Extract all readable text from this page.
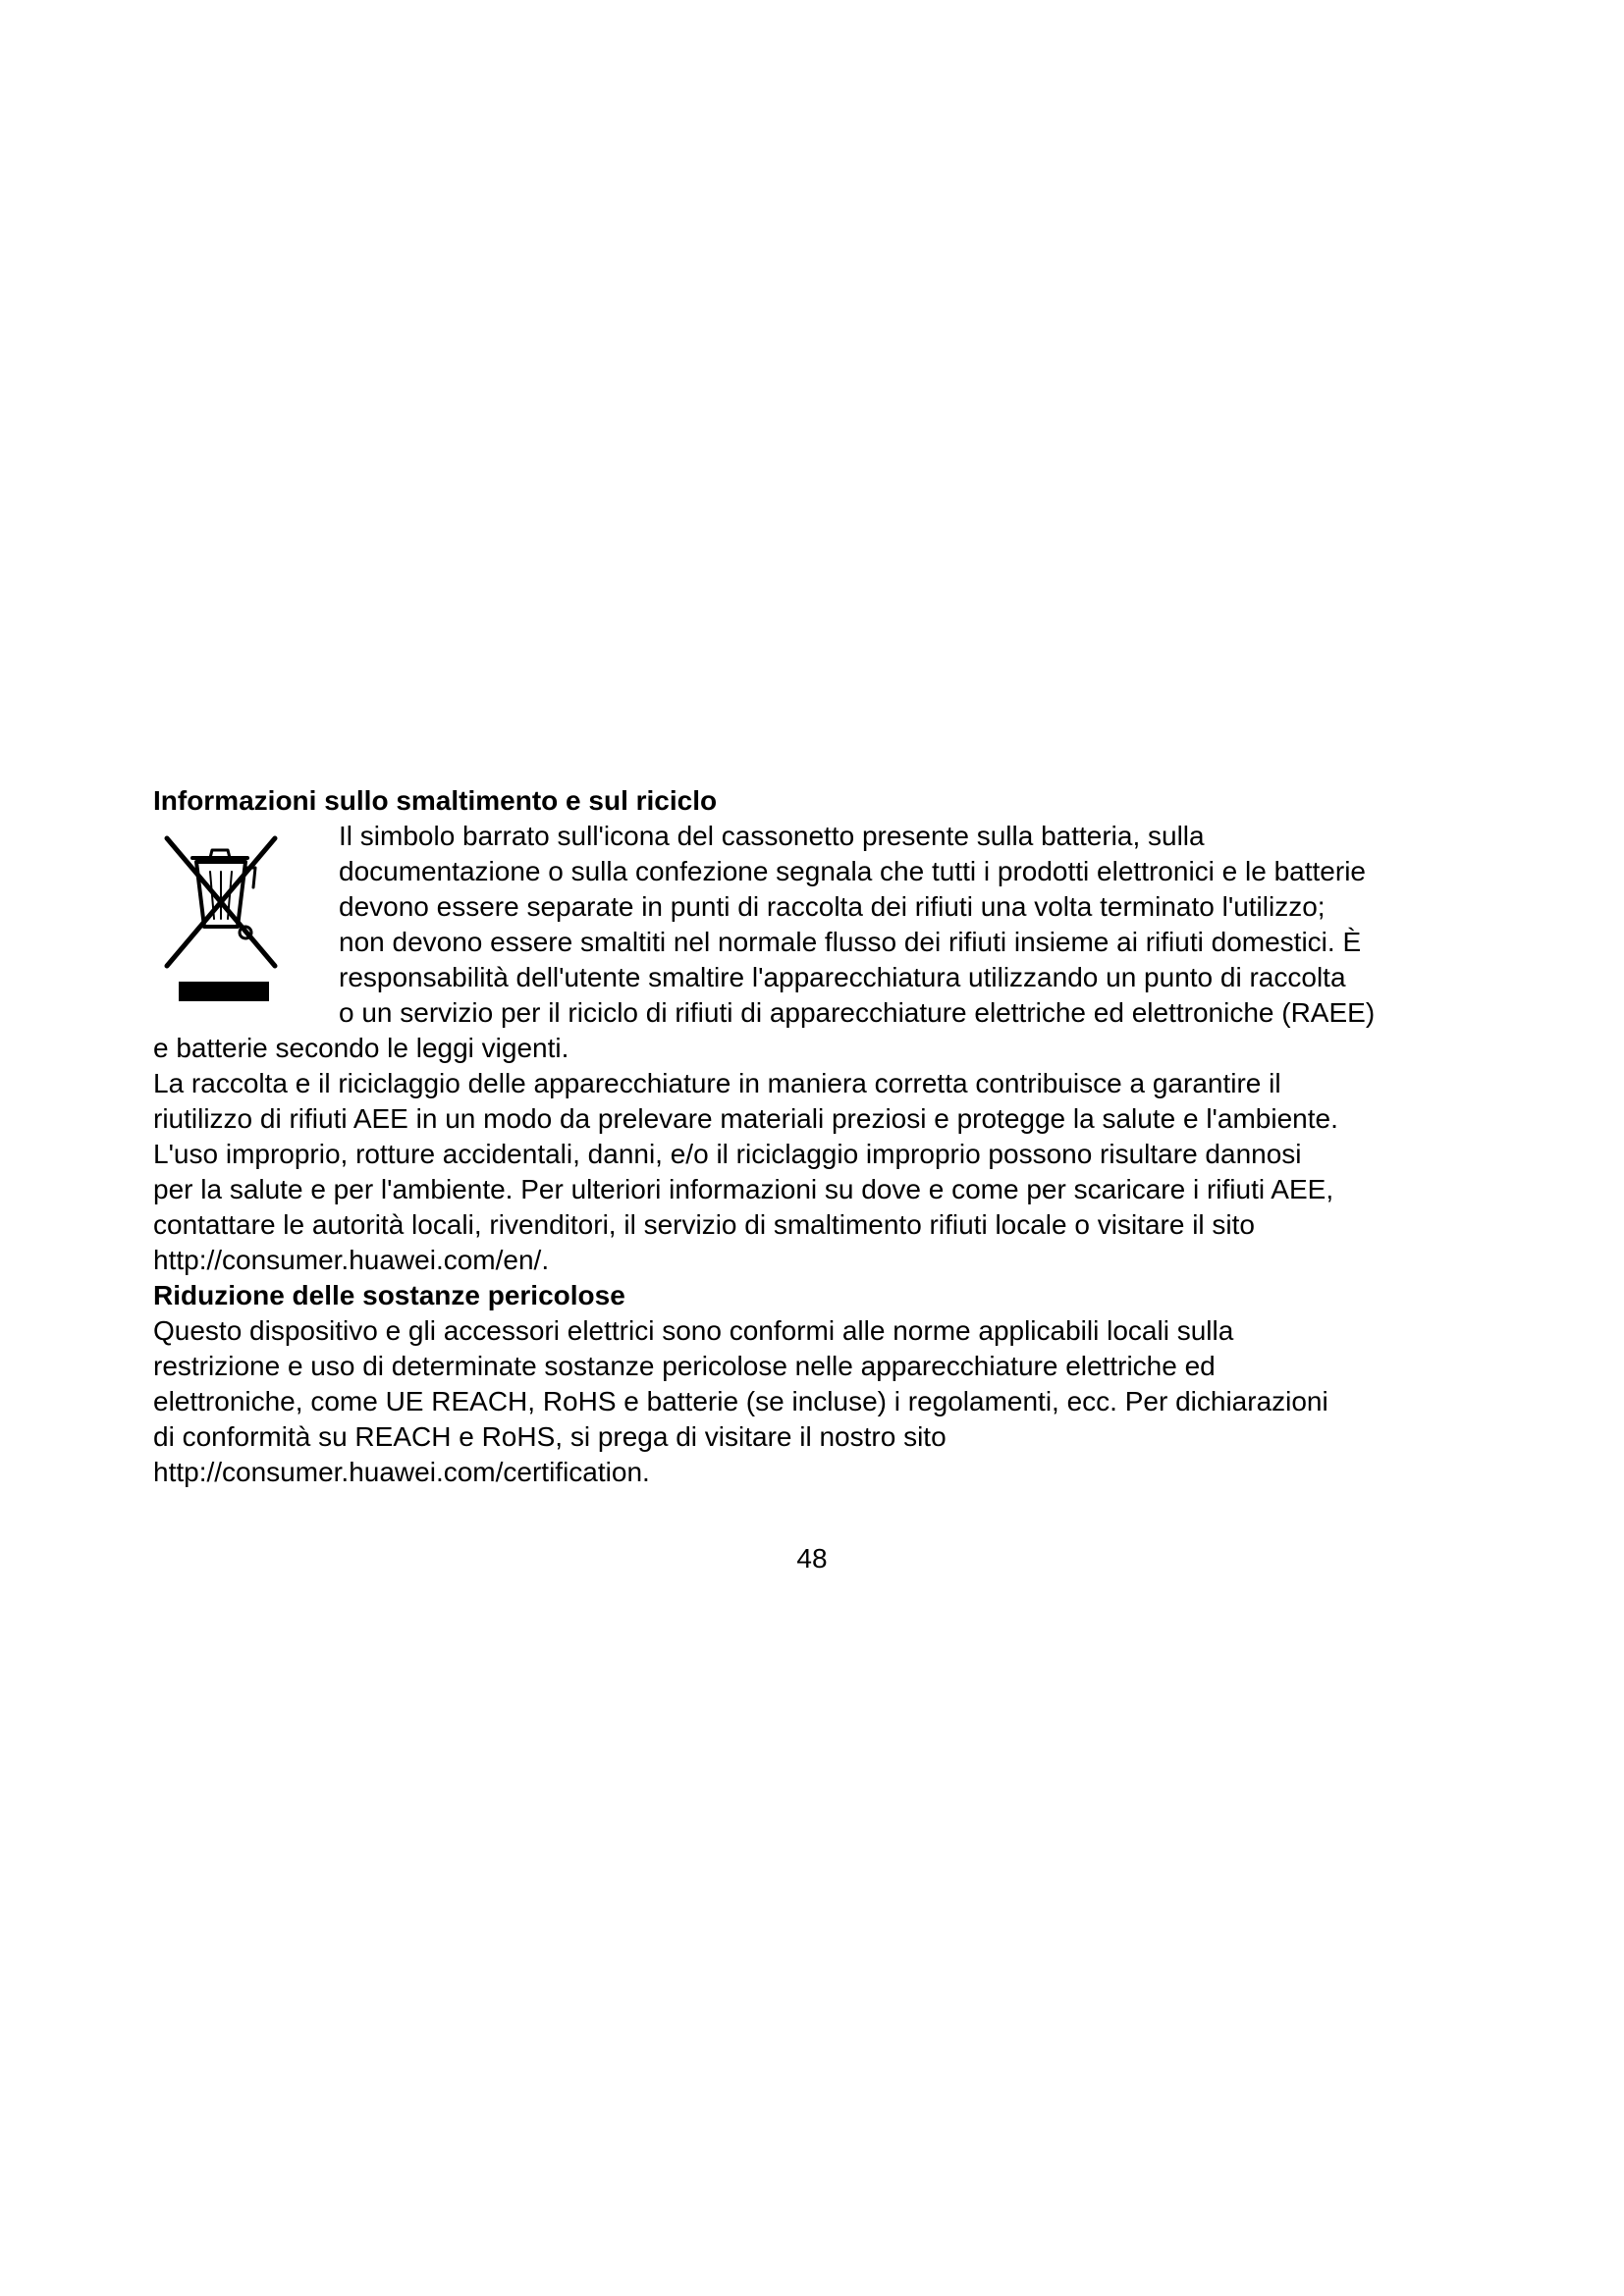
Informazioni sullo smaltimento e sul riciclo
Il simbolo barrato sull'icona del cassonetto presente sulla batteria, sulla
documentazione o sulla confezione segnala che tutti i prodotti elettronici e le batterie
devono essere separate in punti di raccolta dei rifiuti una volta terminato l'utilizzo;
non devono essere smaltiti nel normale flusso dei rifiuti insieme ai rifiuti domestici. È
responsabilità dell'utente smaltire l'apparecchiatura utilizzando un punto di raccolta
o un servizio per il riciclo di rifiuti di apparecchiature elettriche ed elettroniche (RAEE)
e batterie secondo le leggi vigenti.
La raccolta e il riciclaggio delle apparecchiature in maniera corretta contribuisce a garantire il
riutilizzo di rifiuti AEE in un modo da prelevare materiali preziosi e protegge la salute e l'ambiente.
L'uso improprio, rotture accidentali, danni, e/o il riciclaggio improprio possono risultare dannosi
per la salute e per l'ambiente. Per ulteriori informazioni su dove e come per scaricare i rifiuti AEE,
contattare le autorità locali, rivenditori, il servizio di smaltimento rifiuti locale o visitare il sito
http://consumer.huawei.com/en/.
Riduzione delle sostanze pericolose
Questo dispositivo e gli accessori elettrici sono conformi alle norme applicabili locali sulla
restrizione e uso di determinate sostanze pericolose nelle apparecchiature elettriche ed
elettroniche, come UE REACH, RoHS e batterie (se incluse) i regolamenti, ecc. Per dichiarazioni
di conformità su REACH e RoHS, si prega di visitare il nostro sito
http://consumer.huawei.com/certification.
48
